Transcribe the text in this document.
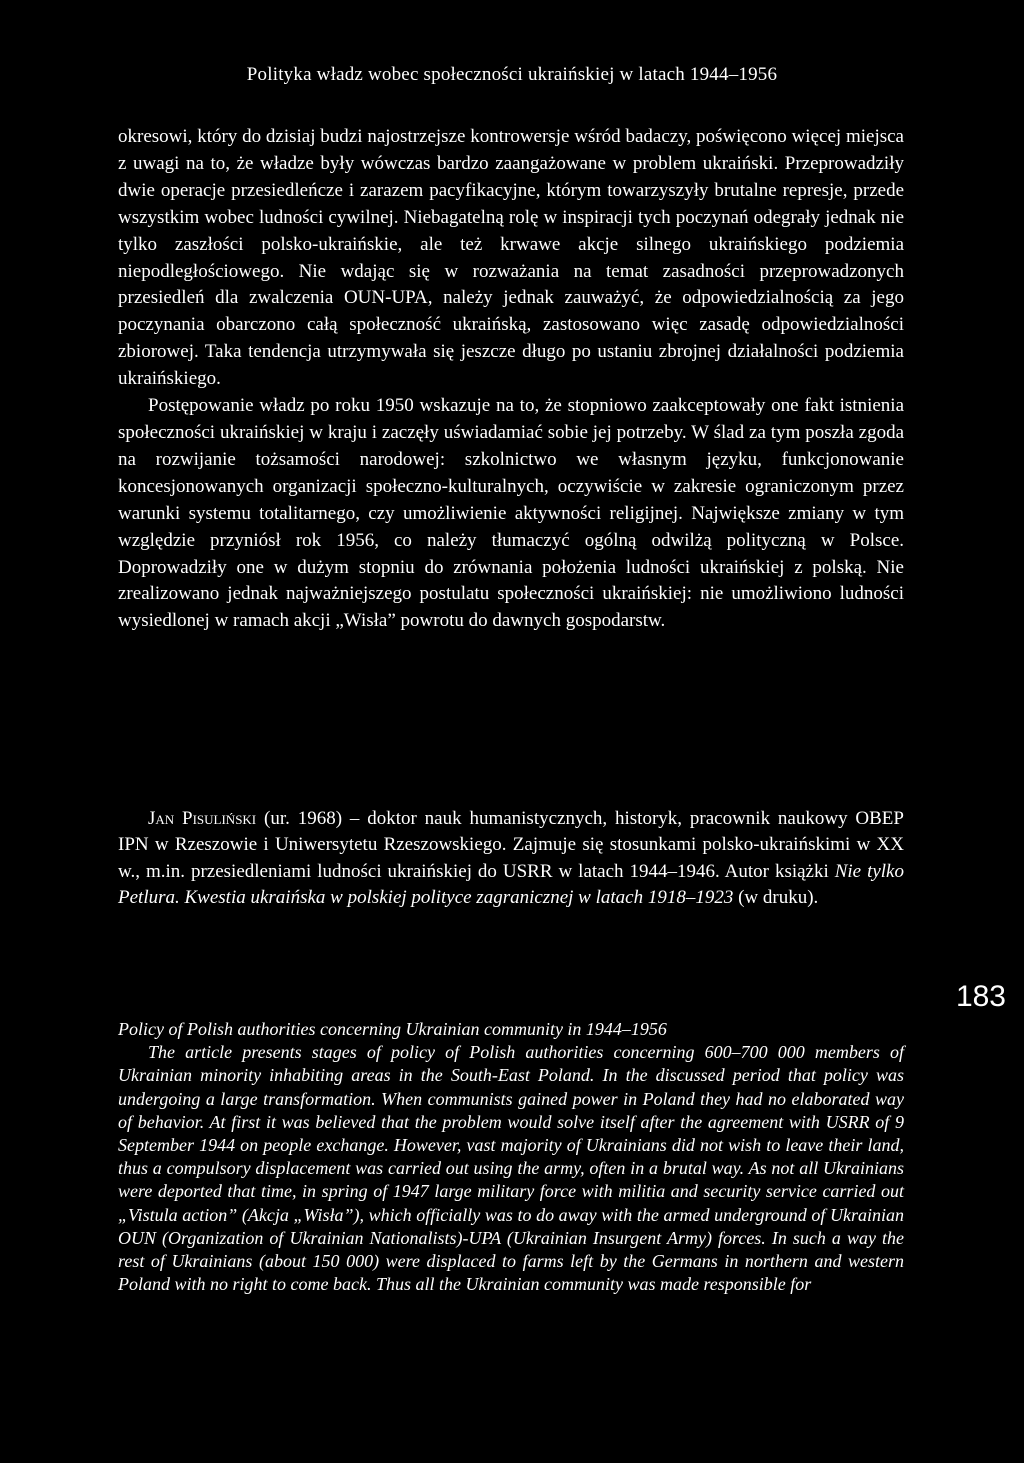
Polityka władz wobec społeczności ukraińskiej w latach 1944–1956

okresowi, który do dzisiaj budzi najostrzejsze kontrowersje wśród badaczy, poświęcono więcej miejsca z uwagi na to, że władze były wówczas bardzo zaangażowane w problem ukraiński. Przeprowadziły dwie operacje przesiedleńcze i zarazem pacyfikacyjne, którym towarzyszyły brutalne represje, przede wszystkim wobec ludności cywilnej. Niebagatelną rolę w inspiracji tych poczynań odegrały jednak nie tylko zaszłości polsko-ukraińskie, ale też krwawe akcje silnego ukraińskiego podziemia niepodległościowego. Nie wdając się w rozważania na temat zasadności przeprowadzonych przesiedleń dla zwalczenia OUN-UPA, należy jednak zauważyć, że odpowiedzialnością za jego poczynania obarczono całą społeczność ukraińską, zastosowano więc zasadę odpowiedzialności zbiorowej. Taka tendencja utrzymywała się jeszcze długo po ustaniu zbrojnej działalności podziemia ukraińskiego.

Postępowanie władz po roku 1950 wskazuje na to, że stopniowo zaakceptowały one fakt istnienia społeczności ukraińskiej w kraju i zaczęły uświadamiać sobie jej potrzeby. W ślad za tym poszła zgoda na rozwijanie tożsamości narodowej: szkolnictwo we własnym języku, funkcjonowanie koncesjonowanych organizacji społeczno-kulturalnych, oczywiście w zakresie ograniczonym przez warunki systemu totalitarnego, czy umożliwienie aktywności religijnej. Największe zmiany w tym względzie przyniósł rok 1956, co należy tłumaczyć ogólną odwilżą polityczną w Polsce. Doprowadziły one w dużym stopniu do zrównania położenia ludności ukraińskiej z polską. Nie zrealizowano jednak najważniejszego postulatu społeczności ukraińskiej: nie umożliwiono ludności wysiedlonej w ramach akcji „Wisła” powrotu do dawnych gospodarstw.

Jan Pisuliński (ur. 1968) – doktor nauk humanistycznych, historyk, pracownik naukowy OBEP IPN w Rzeszowie i Uniwersytetu Rzeszowskiego. Zajmuje się stosunkami polsko-ukraińskimi w XX w., m.in. przesiedleniami ludności ukraińskiej do USRR w latach 1944–1946. Autor książki Nie tylko Petlura. Kwestia ukraińska w polskiej polityce zagranicznej w latach 1918–1923 (w druku).

183

Policy of Polish authorities concerning Ukrainian community in 1944–1956

The article presents stages of policy of Polish authorities concerning 600–700 000 members of Ukrainian minority inhabiting areas in the South-East Poland. In the discussed period that policy was undergoing a large transformation. When communists gained power in Poland they had no elaborated way of behavior. At first it was believed that the problem would solve itself after the agreement with USRR of 9 September 1944 on people exchange. However, vast majority of Ukrainians did not wish to leave their land, thus a compulsory displacement was carried out using the army, often in a brutal way. As not all Ukrainians were deported that time, in spring of 1947 large military force with militia and security service carried out „Vistula action” (Akcja „Wisła”), which officially was to do away with the armed underground of Ukrainian OUN (Organization of Ukrainian Nationalists)-UPA (Ukrainian Insurgent Army) forces. In such a way the rest of Ukrainians (about 150 000) were displaced to farms left by the Germans in northern and western Poland with no right to come back. Thus all the Ukrainian community was made responsible for
